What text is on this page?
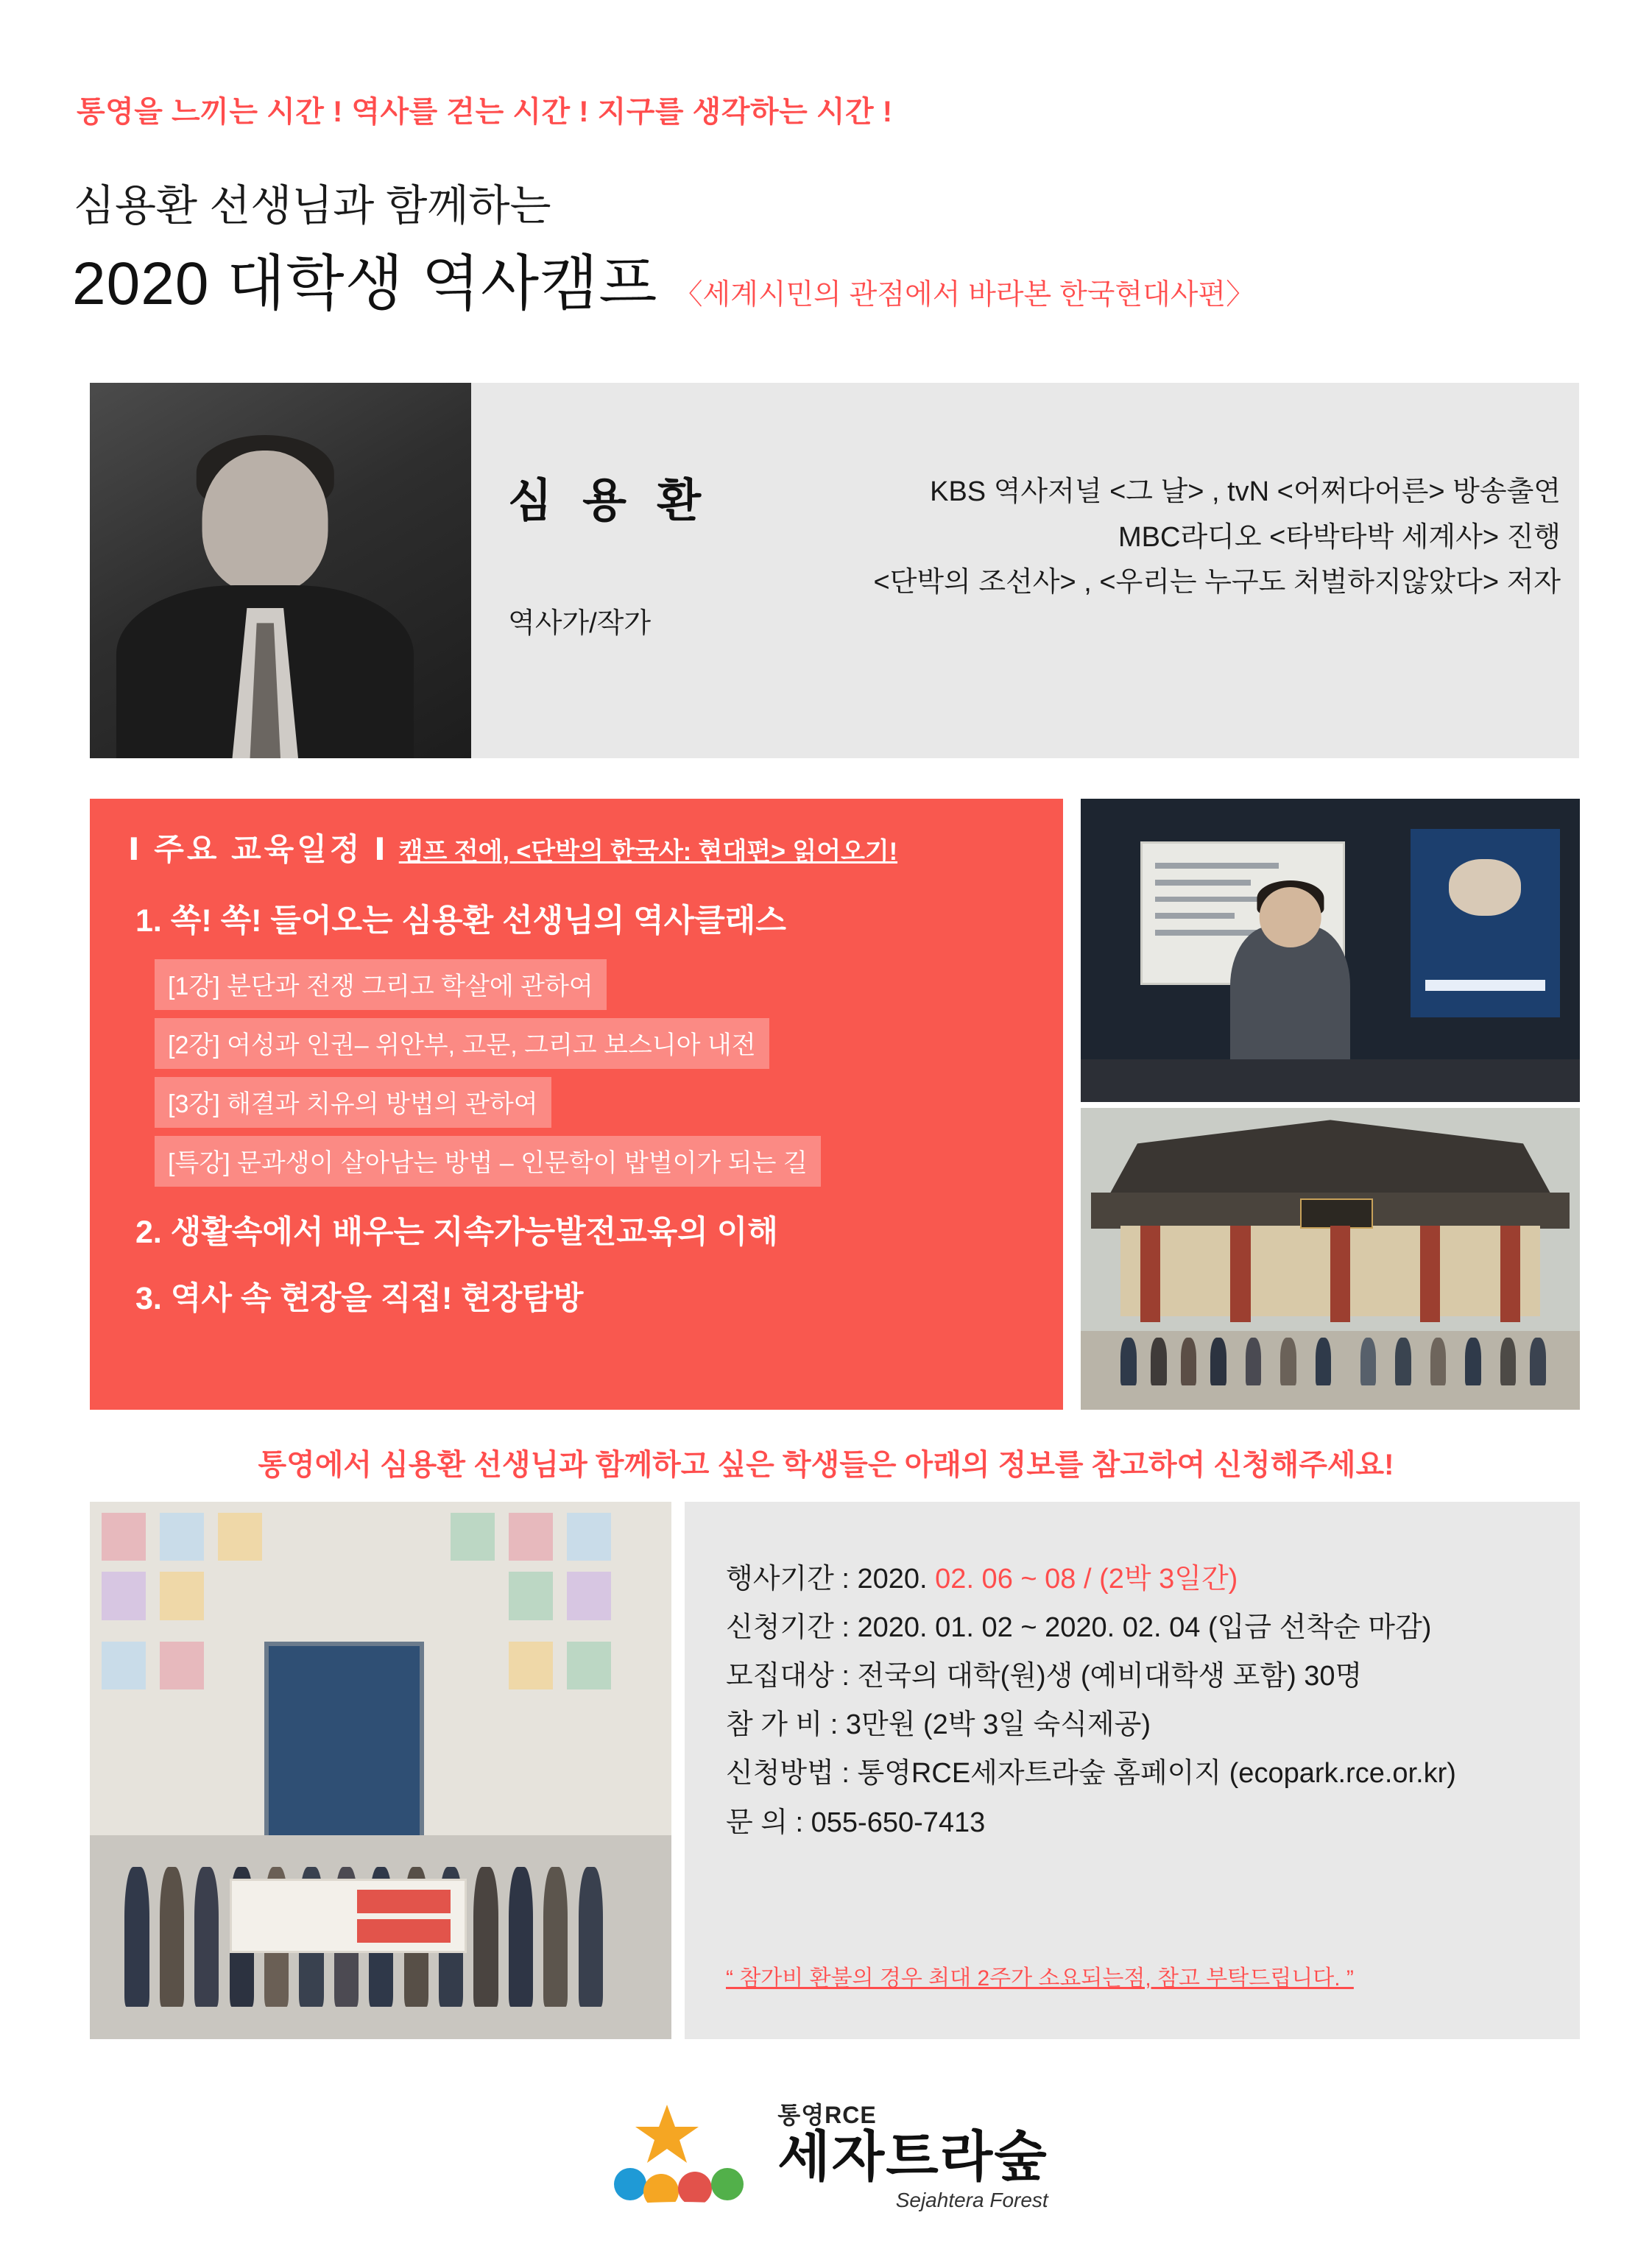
통영을 느끼는 시간 ! 역사를 걷는 시간 ! 지구를 생각하는 시간 !
심용환 선생님과 함께하는
2020 대학생 역사캠프 〈세계시민의 관점에서 바라본 한국현대사편〉
심 용 환	KBS 역사저널 <그 날> , tvN <어쩌다어른> 방송출연
MBC라디오 <타박타박 세계사> 진행
<단박의 조선사> , <우리는 누구도 처벌하지않았다> 저자
역사가/작가
Ⅰ 주요 교육일정 Ⅰ 캠프 전에, <단박의 한국사: 현대편> 읽어오기!
1. 쏙! 쏙! 들어오는 심용환 선생님의 역사클래스
[1강] 분단과 전쟁 그리고 학살에 관하여
[2강] 여성과 인권– 위안부, 고문, 그리고 보스니아 내전
[3강] 해결과 치유의 방법의 관하여
[특강] 문과생이 살아남는 방법 – 인문학이 밥벌이가 되는 길
2. 생활속에서 배우는 지속가능발전교육의 이해
3. 역사 속 현장을 직접! 현장탐방
통영에서 심용환 선생님과 함께하고 싶은 학생들은 아래의 정보를 참고하여 신청해주세요!
행사기간 : 2020. 02. 06 ~ 08 / (2박 3일간)
신청기간 : 2020. 01. 02 ~ 2020. 02. 04 (입금 선착순 마감)
모집대상 : 전국의 대학(원)생 (예비대학생 포함) 30명
참 가 비 : 3만원 (2박 3일 숙식제공)
신청방법 : 통영RCE세자트라숲 홈페이지 (ecopark.rce.or.kr)
문 의 : 055-650-7413
“ 참가비 환불의 경우 최대 2주가 소요되는점, 참고 부탁드립니다. ”
통영RCE
세자트라숲
Sejahtera Forest
